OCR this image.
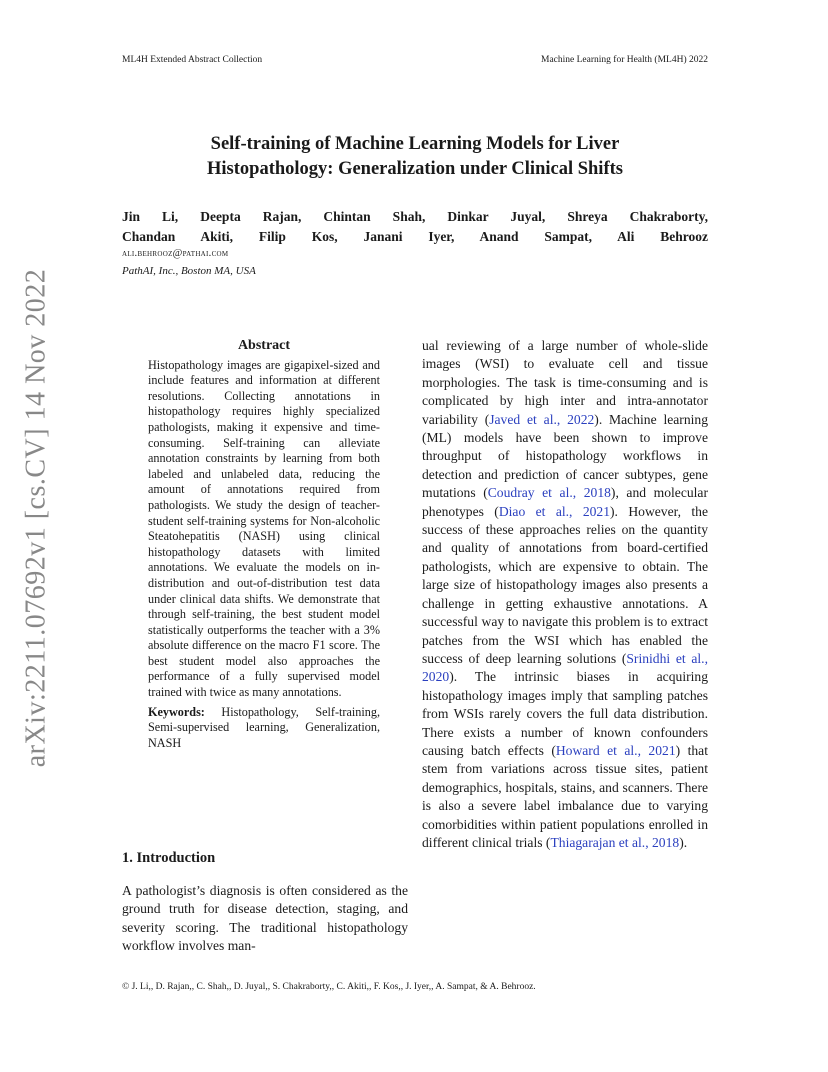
ML4H Extended Abstract Collection	Machine Learning for Health (ML4H) 2022
arXiv:2211.07692v1 [cs.CV] 14 Nov 2022
Self-training of Machine Learning Models for Liver
Histopathology: Generalization under Clinical Shifts
Jin Li, Deepta Rajan, Chintan Shah, Dinkar Juyal, Shreya Chakraborty,
Chandan Akiti, Filip Kos, Janani Iyer, Anand Sampat, Ali Behrooz
ali.behrooz@pathai.com
PathAI, Inc., Boston MA, USA
Abstract

Histopathology images are gigapixel-sized and include features and information at different resolutions. Collecting annotations in histopathology requires highly specialized pathologists, making it expensive and time-consuming. Self-training can alleviate annotation constraints by learning from both labeled and unlabeled data, reducing the amount of annotations required from pathologists. We study the design of teacher-student self-training systems for Non-alcoholic Steatohepatitis (NASH) using clinical histopathology datasets with limited annotations. We evaluate the models on in-distribution and out-of-distribution test data under clinical data shifts. We demonstrate that through self-training, the best student model statistically outperforms the teacher with a 3% absolute difference on the macro F1 score. The best student model also approaches the performance of a fully supervised model trained with twice as many annotations.

Keywords: Histopathology, Self-training, Semi-supervised learning, Generalization, NASH

1. Introduction

A pathologist’s diagnosis is often considered as the ground truth for disease detection, staging, and severity scoring. The traditional histopathology workflow involves man-

ual reviewing of a large number of whole-slide images (WSI) to evaluate cell and tissue morphologies. The task is time-consuming and is complicated by high inter and intra-annotator variability (Javed et al., 2022). Machine learning (ML) models have been shown to improve throughput of histopathology workflows in detection and prediction of cancer subtypes, gene mutations (Coudray et al., 2018), and molecular phenotypes (Diao et al., 2021). However, the success of these approaches relies on the quantity and quality of annotations from board-certified pathologists, which are expensive to obtain. The large size of histopathology images also presents a challenge in getting exhaustive annotations. A successful way to navigate this problem is to extract patches from the WSI which has enabled the success of deep learning solutions (Srinidhi et al., 2020). The intrinsic biases in acquiring histopathology images imply that sampling patches from WSIs rarely covers the full data distribution. There exists a number of known confounders causing batch effects (Howard et al., 2021) that stem from variations across tissue sites, patient demographics, hospitals, stains, and scanners. There is also a severe label imbalance due to varying comorbidities within patient populations enrolled in different clinical trials (Thiagarajan et al., 2018).

© J. Li,, D. Rajan,, C. Shah,, D. Juyal,, S. Chakraborty,, C. Akiti,, F. Kos,, J. Iyer,, A. Sampat, & A. Behrooz.
